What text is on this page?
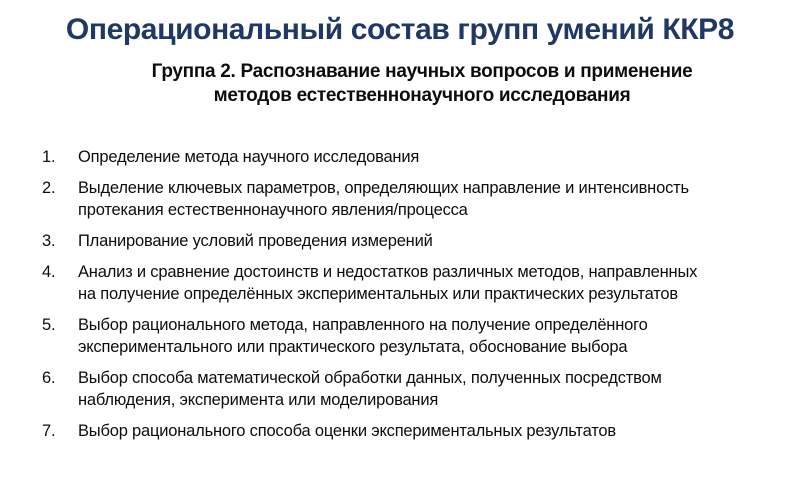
Операциональный состав групп умений ККР8
Группа 2. Распознавание научных вопросов и применение
методов естественнонаучного исследования
1.	Определение метода научного исследования
2.	Выделение ключевых параметров, определяющих направление и интенсивность
протекания естественнонаучного явления/процесса
3.	Планирование условий проведения измерений
4.	Анализ и сравнение достоинств и недостатков различных методов, направленных
на получение определённых экспериментальных или практических результатов
5.	Выбор рационального метода, направленного на получение определённого
экспериментального или практического результата, обоснование выбора
6.	Выбор способа математической обработки данных, полученных посредством
наблюдения, эксперимента или моделирования
7.	Выбор рационального способа оценки экспериментальных результатов
